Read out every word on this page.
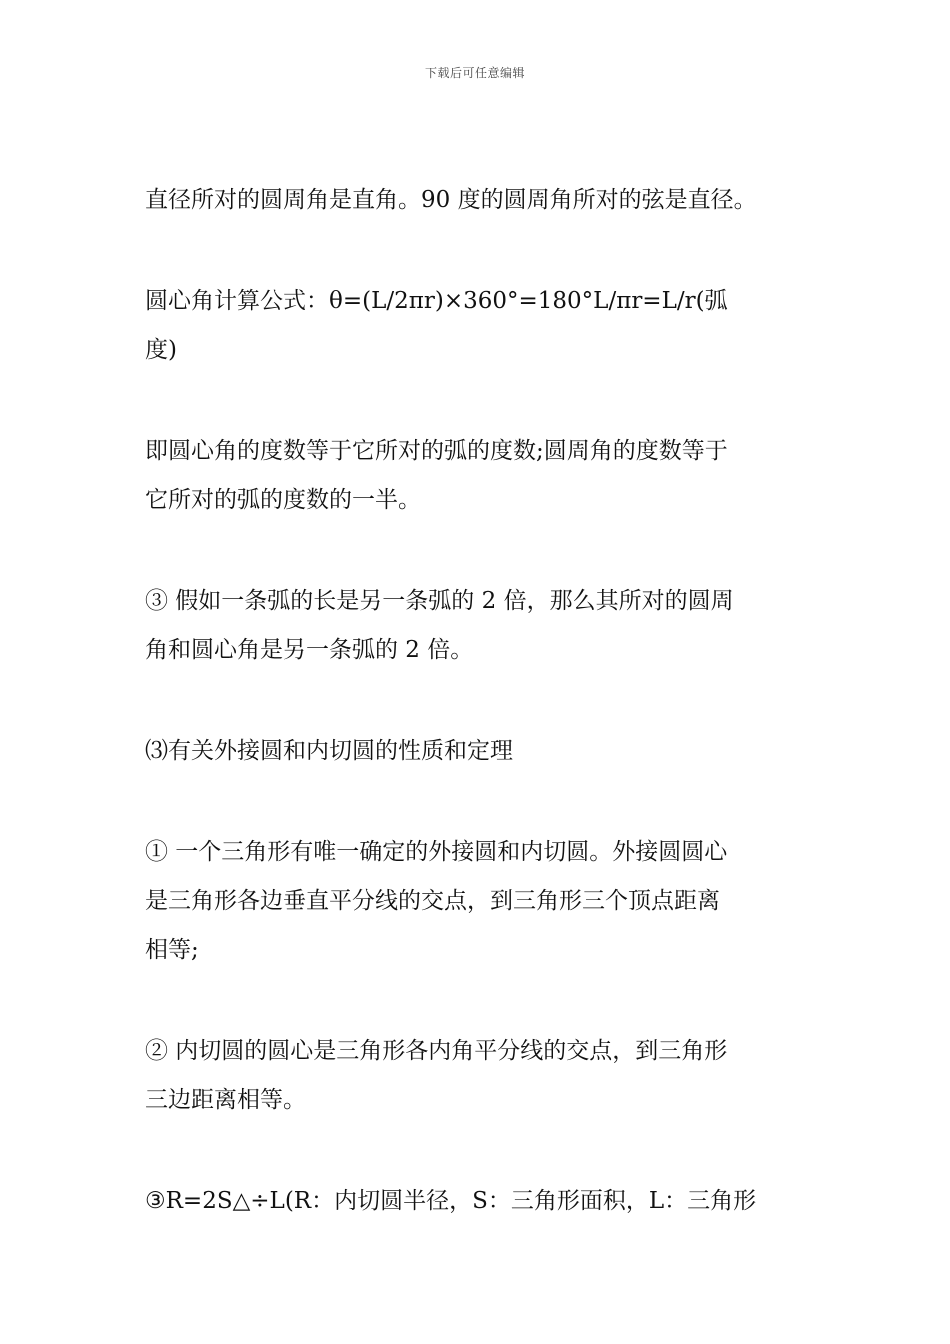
下载后可任意编辑

直径所对的圆周角是直角。90 度的圆周角所对的弦是直径。

圆心角计算公式：θ=(L/2πr)×360°=180°L/πr=L/r(弧
度)

即圆心角的度数等于它所对的弧的度数;圆周角的度数等于
它所对的弧的度数的一半。

③ 假如一条弧的长是另一条弧的 2 倍，那么其所对的圆周
角和圆心角是另一条弧的 2 倍。

⑶有关外接圆和内切圆的性质和定理

① 一个三角形有唯一确定的外接圆和内切圆。外接圆圆心
是三角形各边垂直平分线的交点，到三角形三个顶点距离
相等;

② 内切圆的圆心是三角形各内角平分线的交点，到三角形
三边距离相等。

③R=2S△÷L(R：内切圆半径，S：三角形面积，L：三角形
